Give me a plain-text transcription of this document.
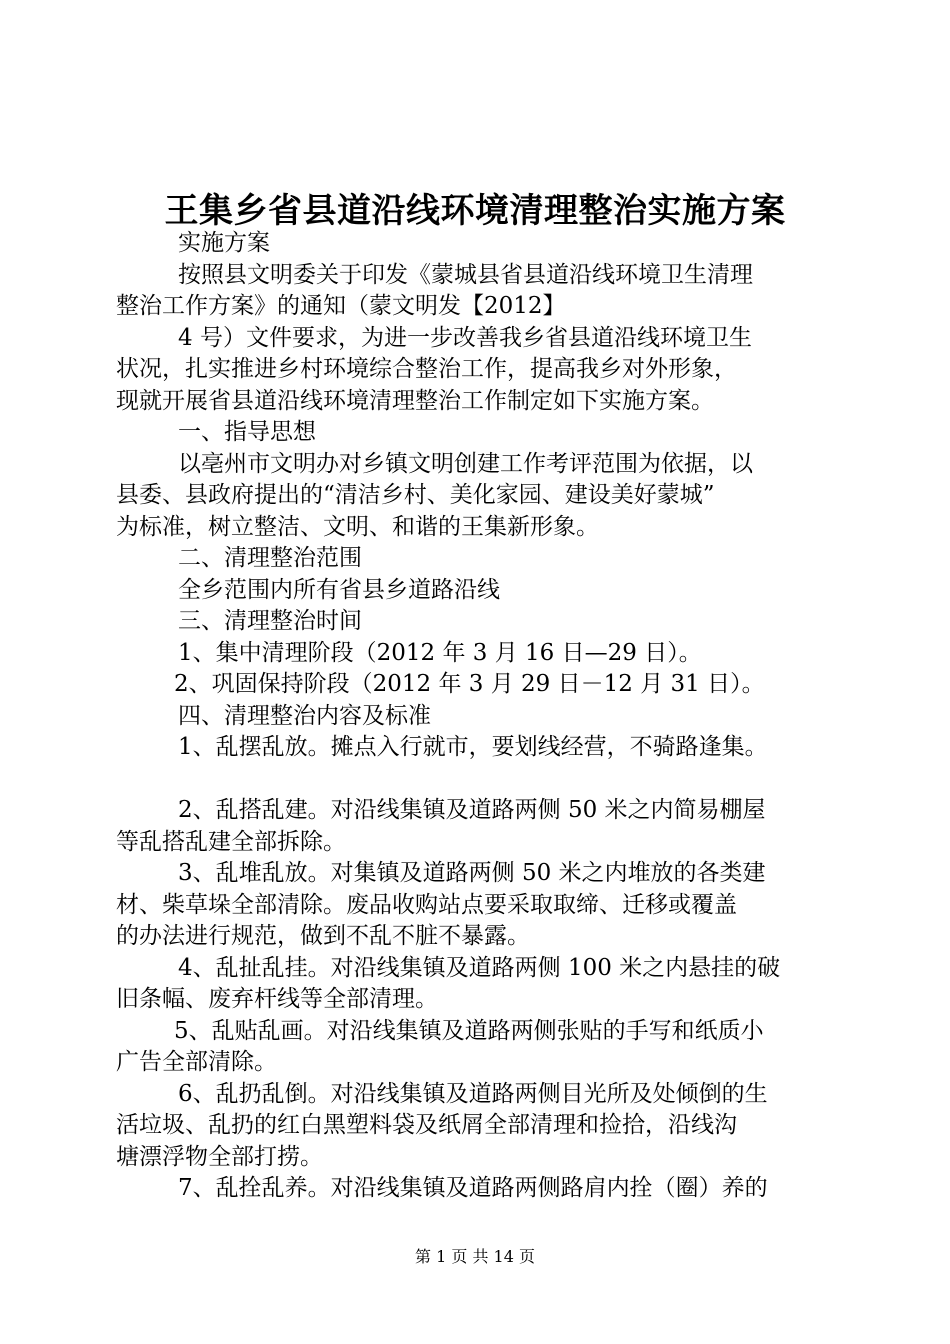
王集乡省县道沿线环境清理整治实施方案
实施方案
按照县文明委关于印发《蒙城县省县道沿线环境卫生清理
整治工作方案》的通知（蒙文明发【2012】
4 号）文件要求，为进一步改善我乡省县道沿线环境卫生
状况，扎实推进乡村环境综合整治工作，提高我乡对外形象，
现就开展省县道沿线环境清理整治工作制定如下实施方案。
一、指导思想
以亳州市文明办对乡镇文明创建工作考评范围为依据，以
县委、县政府提出的“清洁乡村、美化家园、建设美好蒙城”
为标准，树立整洁、文明、和谐的王集新形象。
二、清理整治范围
全乡范围内所有省县乡道路沿线
三、清理整治时间
1、集中清理阶段（2012 年 3 月 16 日—29 日）。
2、巩固保持阶段（2012 年 3 月 29 日－12 月 31 日）。
四、清理整治内容及标准
1、乱摆乱放。摊点入行就市，要划线经营，不骑路逢集。
2、乱搭乱建。对沿线集镇及道路两侧 50 米之内简易棚屋
等乱搭乱建全部拆除。
3、乱堆乱放。对集镇及道路两侧 50 米之内堆放的各类建
材、柴草垛全部清除。废品收购站点要采取取缔、迁移或覆盖
的办法进行规范，做到不乱不脏不暴露。
4、乱扯乱挂。对沿线集镇及道路两侧 100 米之内悬挂的破
旧条幅、废弃杆线等全部清理。
5、乱贴乱画。对沿线集镇及道路两侧张贴的手写和纸质小
广告全部清除。
6、乱扔乱倒。对沿线集镇及道路两侧目光所及处倾倒的生
活垃圾、乱扔的红白黑塑料袋及纸屑全部清理和捡拾，沿线沟
塘漂浮物全部打捞。
7、乱拴乱养。对沿线集镇及道路两侧路肩内拴（圈）养的
第 1 页 共 14 页
